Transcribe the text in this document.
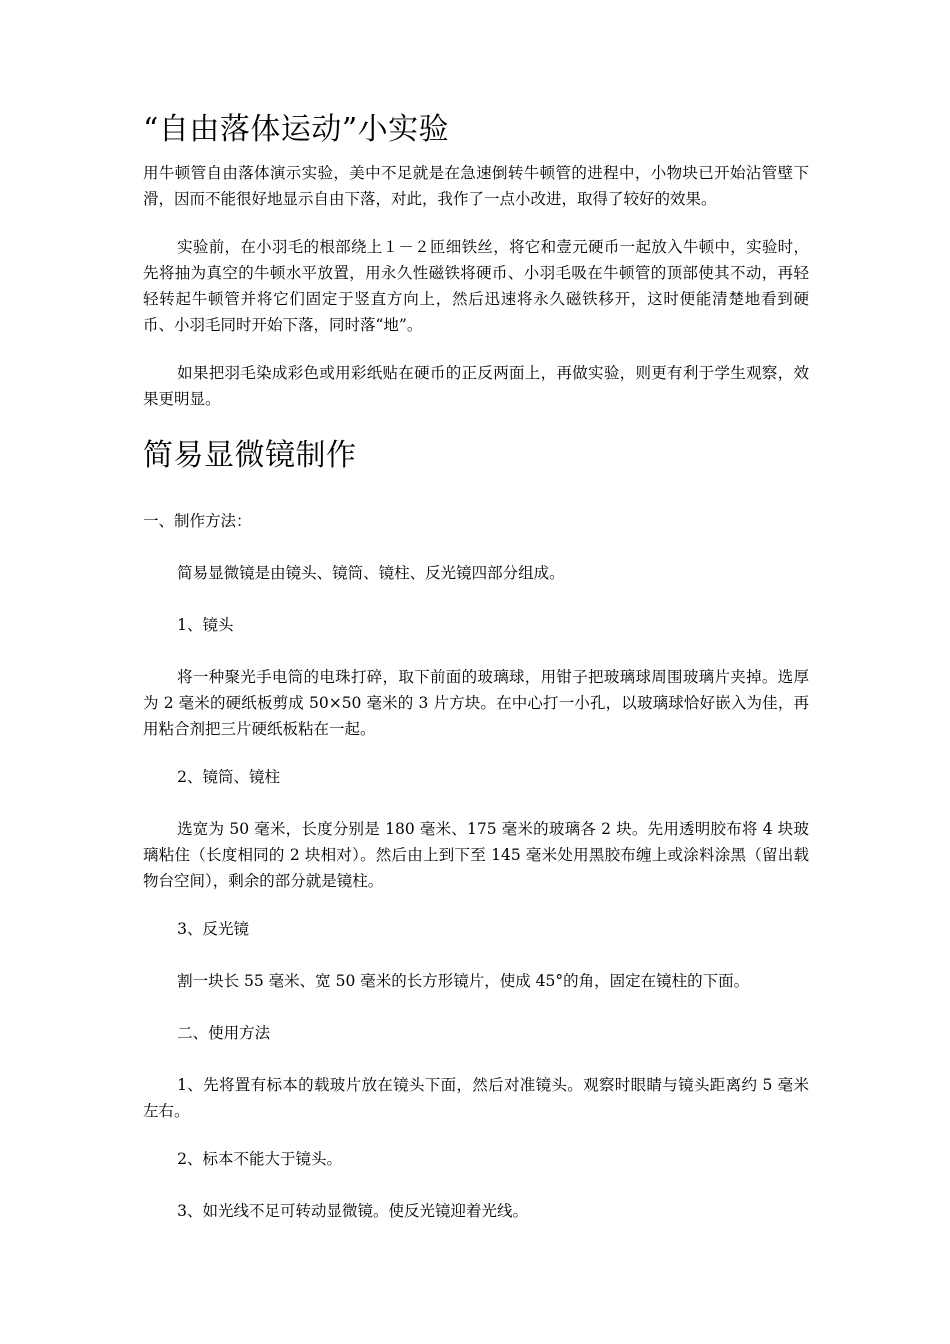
“自由落体运动”小实验

用牛顿管自由落体演示实验，美中不足就是在急速倒转牛顿管的进程中，小物块已开始沾管壁下滑，因而不能很好地显示自由下落，对此，我作了一点小改进，取得了较好的效果。

实验前，在小羽毛的根部绕上１－２匝细铁丝，将它和壹元硬币一起放入牛顿中，实验时，先将抽为真空的牛顿水平放置，用永久性磁铁将硬币、小羽毛吸在牛顿管的顶部使其不动，再轻轻转起牛顿管并将它们固定于竖直方向上，然后迅速将永久磁铁移开，这时便能清楚地看到硬币、小羽毛同时开始下落，同时落“地”。

如果把羽毛染成彩色或用彩纸贴在硬币的正反两面上，再做实验，则更有利于学生观察，效果更明显。

简易显微镜制作

一、制作方法：

简易显微镜是由镜头、镜筒、镜柱、反光镜四部分组成。

1、镜头

将一种聚光手电筒的电珠打碎，取下前面的玻璃球，用钳子把玻璃球周围玻璃片夹掉。选厚为 2 毫米的硬纸板剪成 50×50 毫米的 3 片方块。在中心打一小孔，以玻璃球恰好嵌入为佳，再用粘合剂把三片硬纸板粘在一起。

2、镜筒、镜柱

选宽为 50 毫米，长度分别是 180 毫米、175 毫米的玻璃各 2 块。先用透明胶布将 4 块玻璃粘住（长度相同的 2 块相对）。然后由上到下至 145 毫米处用黑胶布缠上或涂料涂黑（留出载物台空间），剩余的部分就是镜柱。

3、反光镜

割一块长 55 毫米、宽 50 毫米的长方形镜片，使成 45°的角，固定在镜柱的下面。

二、使用方法

1、先将置有标本的载玻片放在镜头下面，然后对准镜头。观察时眼睛与镜头距离约 5 毫米左右。

2、标本不能大于镜头。

3、如光线不足可转动显微镜。使反光镜迎着光线。
